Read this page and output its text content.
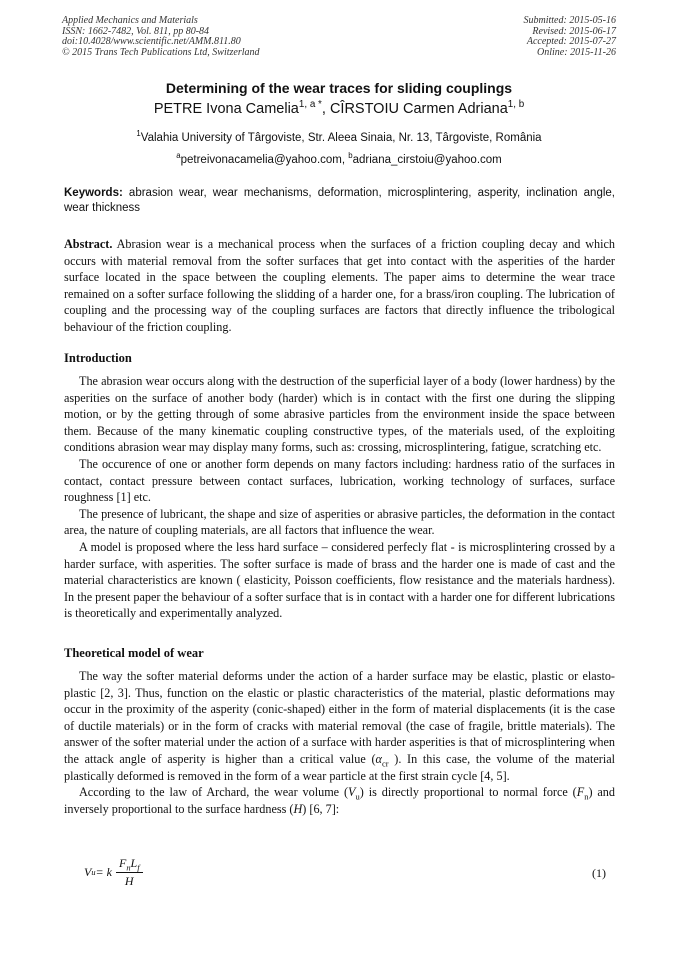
Applied Mechanics and Materials
ISSN: 1662-7482, Vol. 811, pp 80-84
doi:10.4028/www.scientific.net/AMM.811.80
© 2015 Trans Tech Publications Ltd, Switzerland
Submitted: 2015-05-16
Revised: 2015-06-17
Accepted: 2015-07-27
Online: 2015-11-26
Determining of the wear traces for sliding couplings
PETRE Ivona Camelia$^{1, a *}$, CÎRSTOIU Carmen Adriana$^{1, b}$
$^1$Valahia University of Târgoviste, Str. Aleea Sinaia, Nr. 13, Târgoviste, România
$^a$petreivonacamelia@yahoo.com, $^b$adriana_cirstoiu@yahoo.com
Keywords: abrasion wear, wear mechanisms, deformation, microsplintering, asperity, inclination angle, wear thickness
Abstract. Abrasion wear is a mechanical process when the surfaces of a friction coupling decay and which occurs with material removal from the softer surfaces that get into contact with the asperities of the harder surface located in the space between the coupling elements. The paper aims to determine the wear trace remained on a softer surface following the slidding of a harder one, for a brass/iron coupling. The lubrication of coupling and the processing way of the coupling surfaces are factors that directly influence the tribological behaviour of the friction coupling.
Introduction

The abrasion wear occurs along with the destruction of the superficial layer of a body (lower hardness) by the asperities on the surface of another body (harder) which is in contact with the first one during the slipping motion, or by the getting through of some abrasive particles from the environment inside the space between them. Because of the many kinematic coupling constructive types, of the materials used, of the exploiting conditions abrasion wear may display many forms, such as: crossing, microsplintering, fatigue, scratching etc.

The occurence of one or another form depends on many factors including: hardness ratio of the surfaces in contact, contact pressure between contact surfaces, lubrication, working technology of surfaces, surface roughness [1] etc.

The presence of lubricant, the shape and size of asperities or abrasive particles, the deformation in the contact area, the nature of coupling materials, are all factors that influence the wear.

A model is proposed where the less hard surface – considered perfecly flat - is microsplintering crossed by a harder surface, with asperities. The softer surface is made of brass and the harder one is made of cast and the material characteristics are known ( elasticity, Poisson coefficients, flow resistance and the materials hardness). In the present paper the behaviour of a softer surface that is in contact with a harder one for different lubrications is theoretically and experimentally analyzed.

Theoretical model of wear

The way the softer material deforms under the action of a harder surface may be elastic, plastic or elasto-plastic [2, 3]. Thus, function on the elastic or plastic characteristics of the material, plastic deformations may occur in the proximity of the asperity (conic-shaped) either in the form of material displacements (it is the case of ductile materials) or in the form of cracks with material removal (the case of fragile, brittle materials). The answer of the softer material under the action of a surface with harder asperities is that of microsplintering when the attack angle of asperity is higher than a critical value ($\alpha_{cr}$ ). In this case, the volume of the material plastically deformed is removed in the form of a wear particle at the first strain cycle [4, 5].

According to the law of Archard, the wear volume $(V_u)$ is directly proportional to normal force $(F_n)$ and inversely proportional to the surface hardness (H) [6, 7]:

V u = k $\frac{F_nL_f}{H}$	(1)
